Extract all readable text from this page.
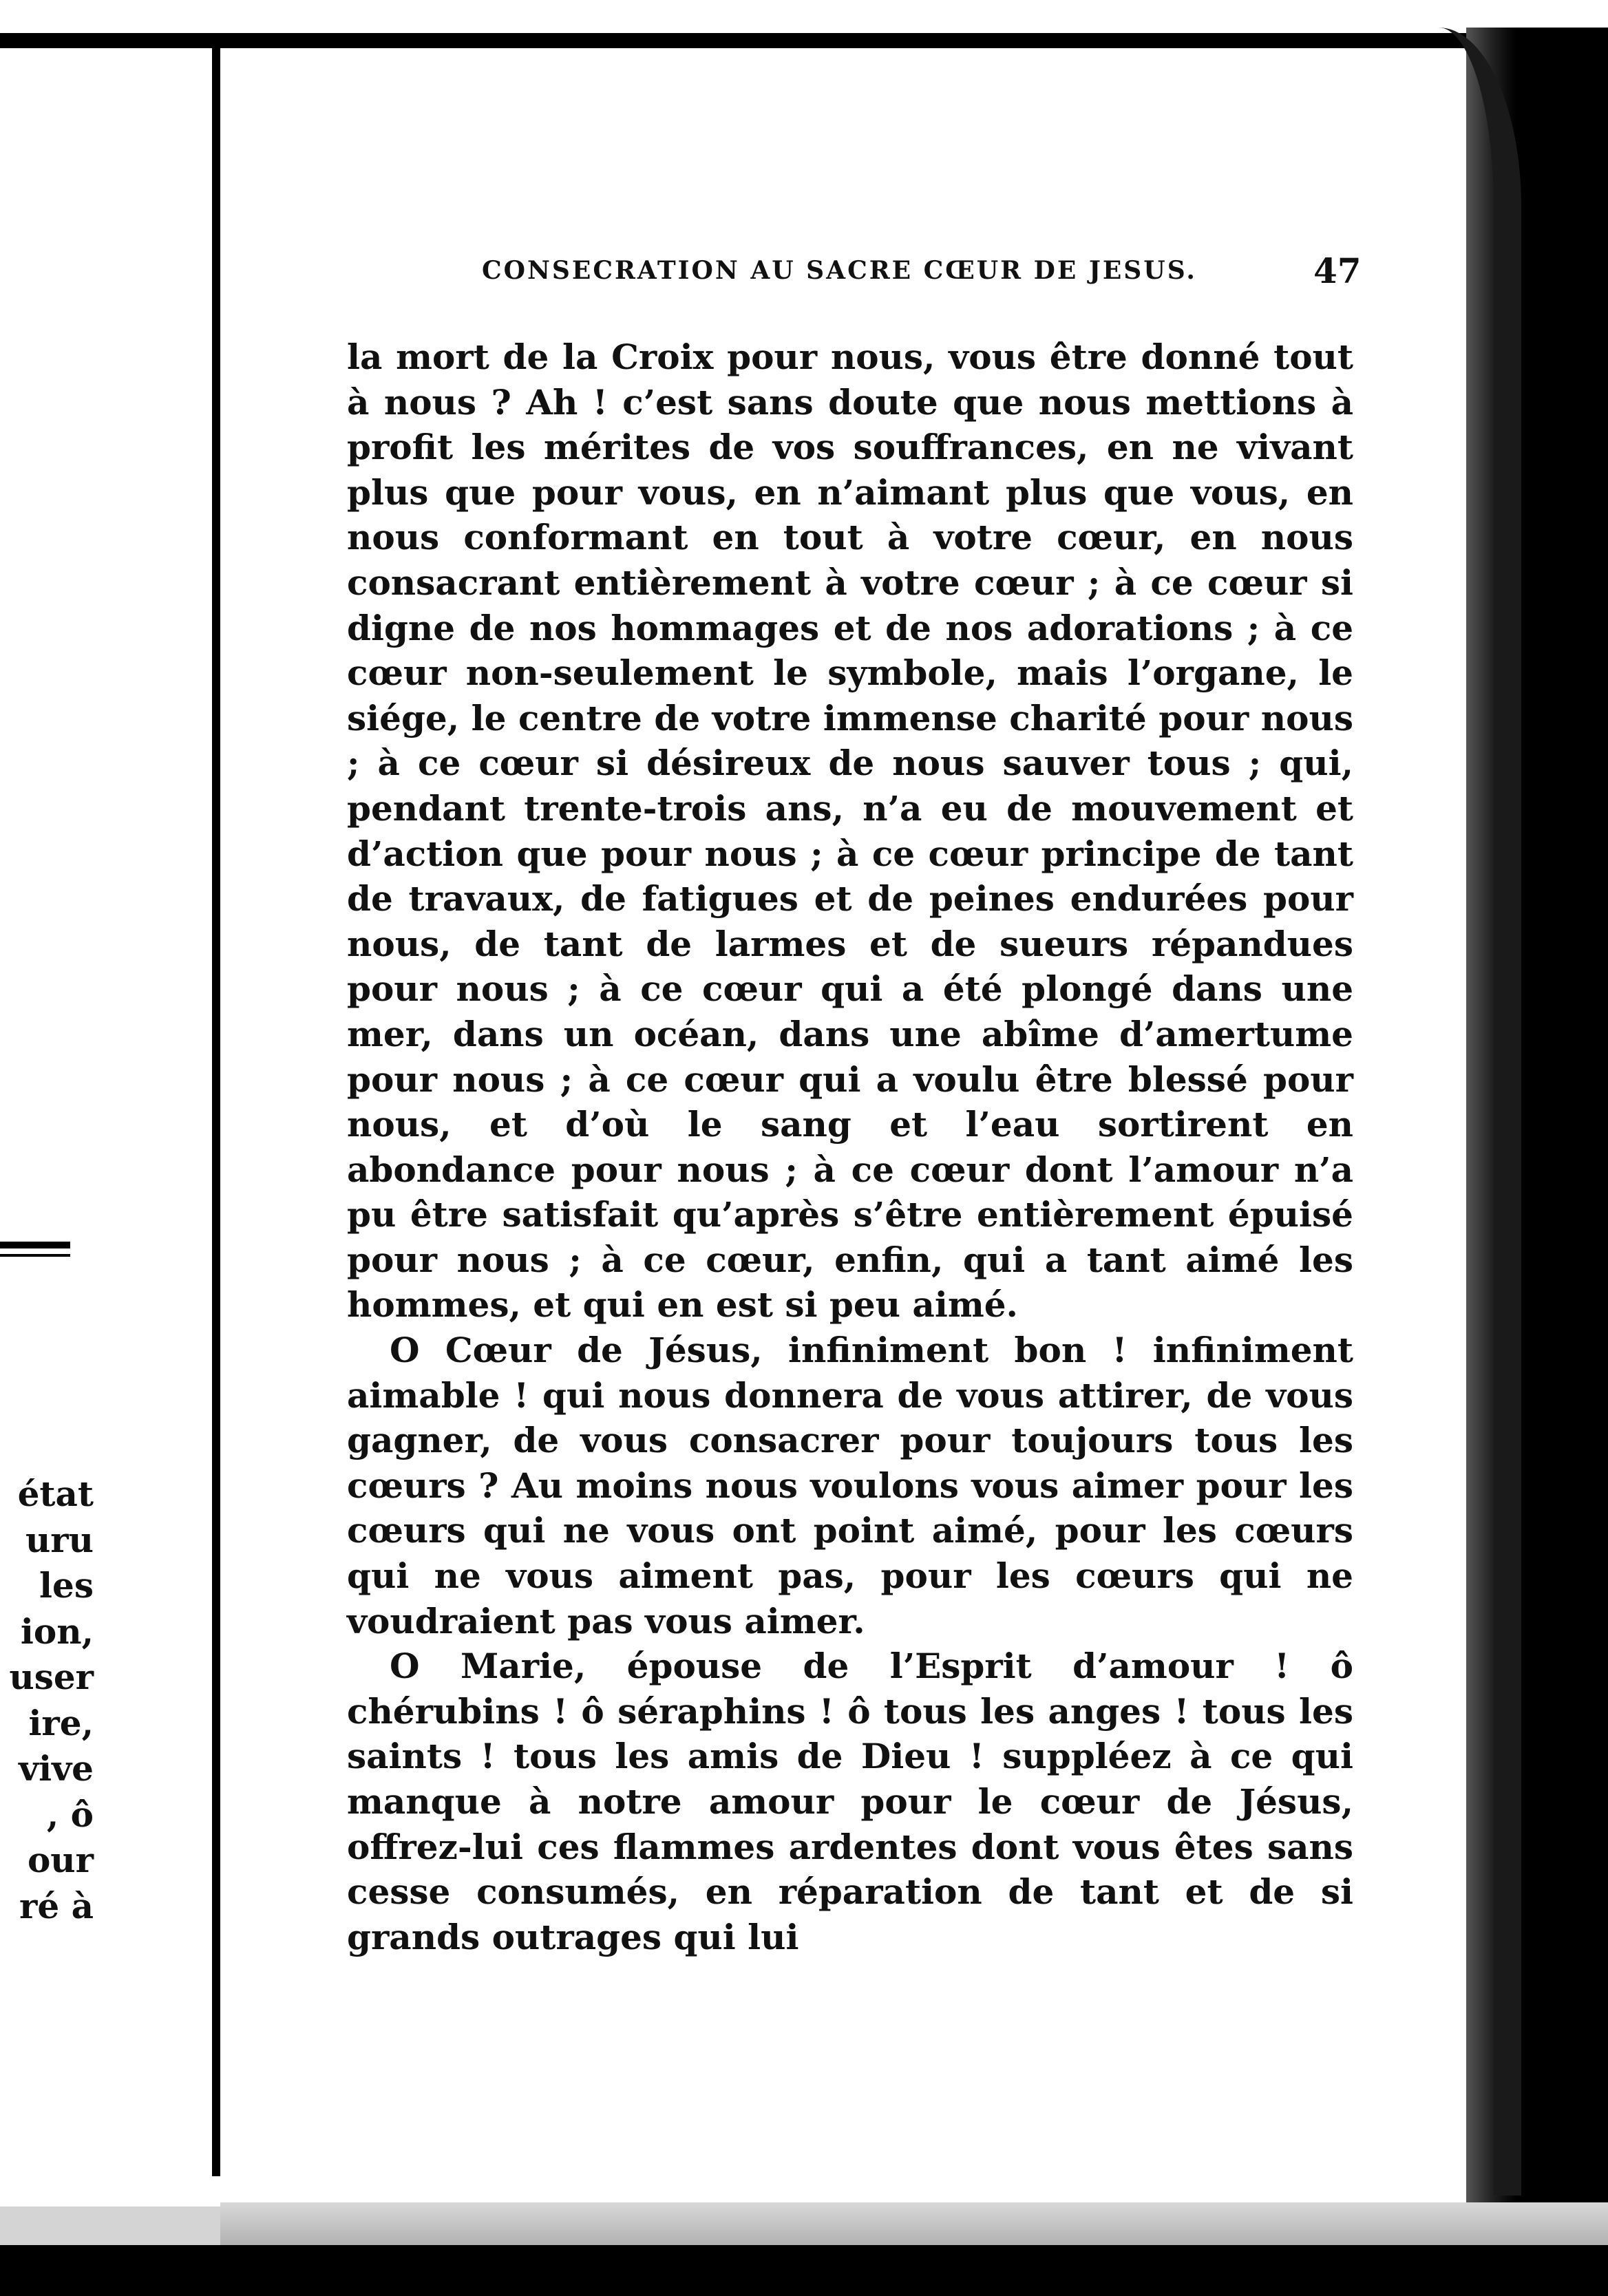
état
uru
les
ion,
user
ire,
vive
, ô
our
ré à
CONSECRATION AU SACRE CŒUR DE JESUS.	47

la mort de la Croix pour nous, vous être donné tout à nous ? Ah ! c’est sans doute que nous mettions à profit les mérites de vos souffrances, en ne vivant plus que pour vous, en n’aimant plus que vous, en nous conformant en tout à votre cœur, en nous consacrant entièrement à votre cœur ; à ce cœur si digne de nos hommages et de nos adorations ; à ce cœur non-seulement le symbole, mais l’organe, le siége, le centre de votre immense charité pour nous ; à ce cœur si désireux de nous sauver tous ; qui, pendant trente-trois ans, n’a eu de mouvement et d’action que pour nous ; à ce cœur principe de tant de travaux, de fatigues et de peines endurées pour nous, de tant de larmes et de sueurs répandues pour nous ; à ce cœur qui a été plongé dans une mer, dans un océan, dans une abîme d’amertume pour nous ; à ce cœur qui a voulu être blessé pour nous, et d’où le sang et l’eau sortirent en abondance pour nous ; à ce cœur dont l’amour n’a pu être satisfait qu’après s’être entièrement épuisé pour nous ; à ce cœur, enfin, qui a tant aimé les hommes, et qui en est si peu aimé.

O Cœur de Jésus, infiniment bon ! infiniment aimable ! qui nous donnera de vous attirer, de vous gagner, de vous consacrer pour toujours tous les cœurs ? Au moins nous voulons vous aimer pour les cœurs qui ne vous ont point aimé, pour les cœurs qui ne vous aiment pas, pour les cœurs qui ne voudraient pas vous aimer.

O Marie, épouse de l’Esprit d’amour ! ô chérubins ! ô séraphins ! ô tous les anges ! tous les saints ! tous les amis de Dieu ! suppléez à ce qui manque à notre amour pour le cœur de Jésus, offrez-lui ces flammes ardentes dont vous êtes sans cesse consumés, en réparation de tant et de si grands outrages qui lui
